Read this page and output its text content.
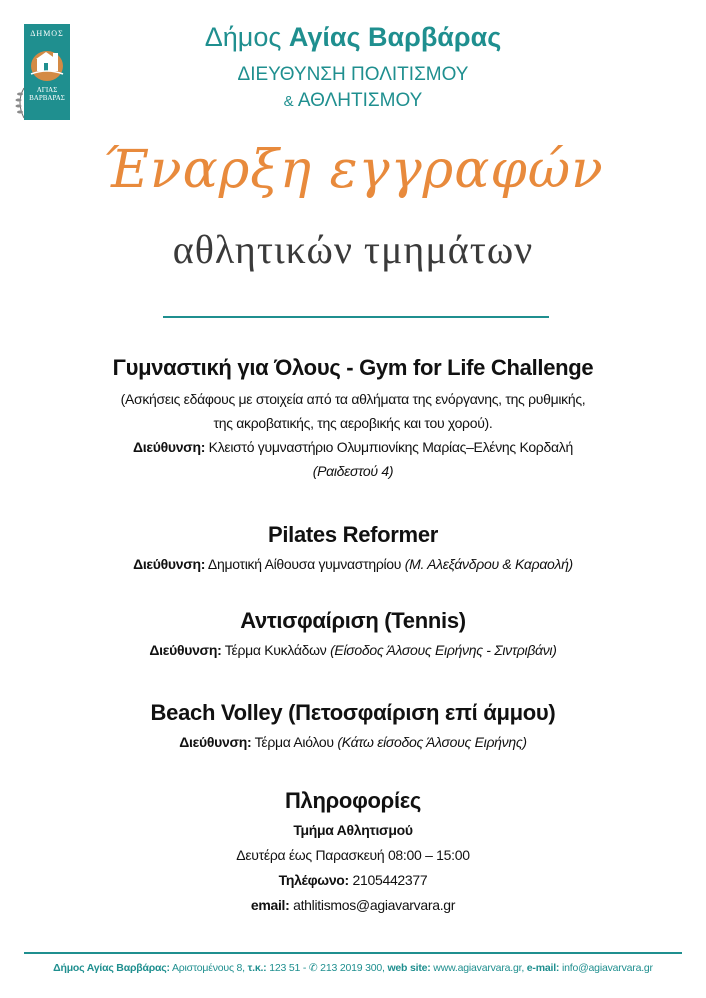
ΔΗΜΟΣ
ΑΓΙΑΣ
ΒΑΡΒΑΡΑΣ
Δήμος Αγίας Βαρβάρας
ΔΙΕΥΘΥΝΣΗ ΠΟΛΙΤΙΣΜΟΥ
& ΑΘΛΗΤΙΣΜΟΥ
Έναρξη εγγραφών
αθλητικών τμημάτων
Γυμναστική για Όλους - Gym for Life Challenge
(Ασκήσεις εδάφους με στοιχεία από τα αθλήματα της ενόργανης, της ρυθμικής,
της ακροβατικής, της αεροβικής και του χορού).
Διεύθυνση: Κλειστό γυμναστήριο Ολυμπιονίκης Μαρίας–Ελένης Κορδαλή
(Ραιδεστού 4)
Pilates Reformer
Διεύθυνση: Δημοτική Αίθουσα γυμναστηρίου (Μ. Αλεξάνδρου & Καραολή)
Αντισφαίριση (Tennis)
Διεύθυνση: Τέρμα Κυκλάδων (Είσοδος Άλσους Ειρήνης - Σιντριβάνι)
Beach Volley (Πετοσφαίριση επί άμμου)
Διεύθυνση: Τέρμα Αιόλου (Κάτω είσοδος Άλσους Ειρήνης)
Πληροφορίες
Τμήμα Αθλητισμού
Δευτέρα έως Παρασκευή 08:00 – 15:00
Τηλέφωνο: 2105442377
email: athlitismos@agiavarvara.gr
Δήμος Αγίας Βαρβάρας: Αριστομένους 8, τ.κ.: 123 51 - ✆ 213 2019 300, web site: www.agiavarvara.gr, e-mail: info@agiavarvara.gr
